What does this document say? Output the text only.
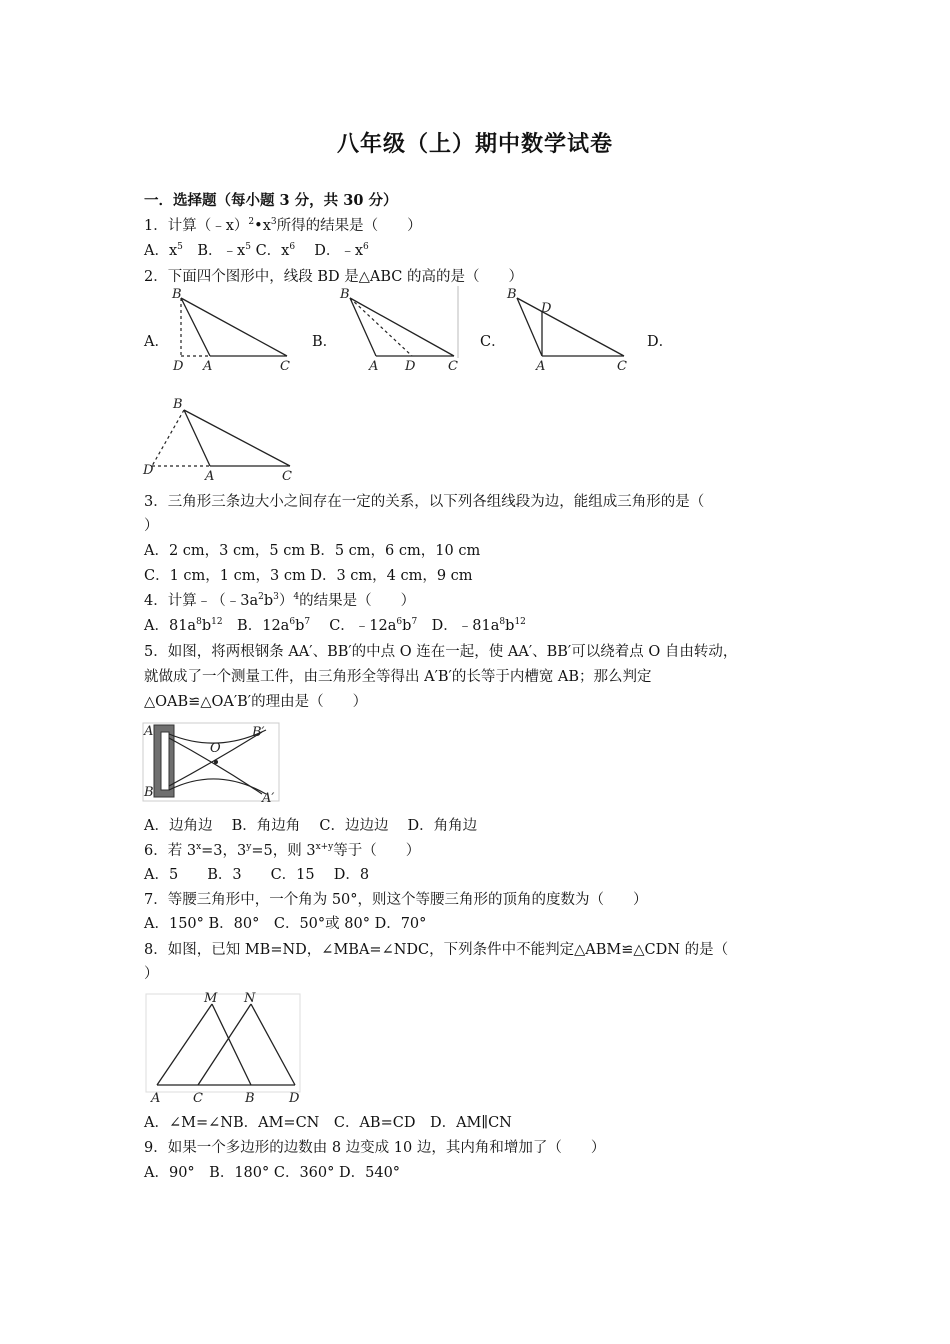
八年级（上）期中数学试卷
一．选择题（每小题 3 分，共 30 分）
1．计算$(﹣x)^2•x^3$所得的结果是（　　）
A．$x^5$　B．$﹣x^5$ C．$x^6$　 D．$﹣x^6$
2．下面四个图形中，线段 BD 是△ABC 的高的是（　　）
A．	B．	C．	D．
B
D A	C
B
A D	C
B
D
A	C
B
D	A	C
3．三角形三条边大小之间存在一定的关系，以下列各组线段为边，能组成三角形的是（
）
A．2 cm，3 cm，5 cm B．5 cm，6 cm，10 cm
C．1 cm，1 cm，3 cm D．3 cm，4 cm，9 cm
4．计算$﹣(﹣3a^2b^3)^4$的结果是（　　）
A．$81a^8b^{12}$　B．$12a^6b^7$　 C．$﹣12a^6b^7$　D．$﹣81a^8b^{12}$
5．如图，将两根钢条 AA′、BB′的中点 O 连在一起，使 AA′、BB′可以绕着点 O 自由转动，
就做成了一个测量工件，由三角形全等得出 A′B′的长等于内槽宽 AB；那么判定
△OAB≌△OA′B′的理由是（　　）
A
B
O
B′
A′
A．边角边　 B．角边角　 C．边边边　 D．角角边
6．若 $3^x=3$，$3^y=5$，则 $3^{x+y}$等于（　　）
A．5　　B．3　　C．15　 D．8
7．等腰三角形中，一个角为 50°，则这个等腰三角形的顶角的度数为（　　）
A．150° B．80°　C．50°或 80° D．70°
8．如图，已知 MB=ND，∠MBA=∠NDC，下列条件中不能判定△ABM≌△CDN 的是（
）
M N
A	C	B	D
A．∠M=∠NB．AM=CN　C．AB=CD　D．AM∥CN
9．如果一个多边形的边数由 8 边变成 10 边，其内角和增加了（　　）
A．90°　B．180° C．360° D．540°
